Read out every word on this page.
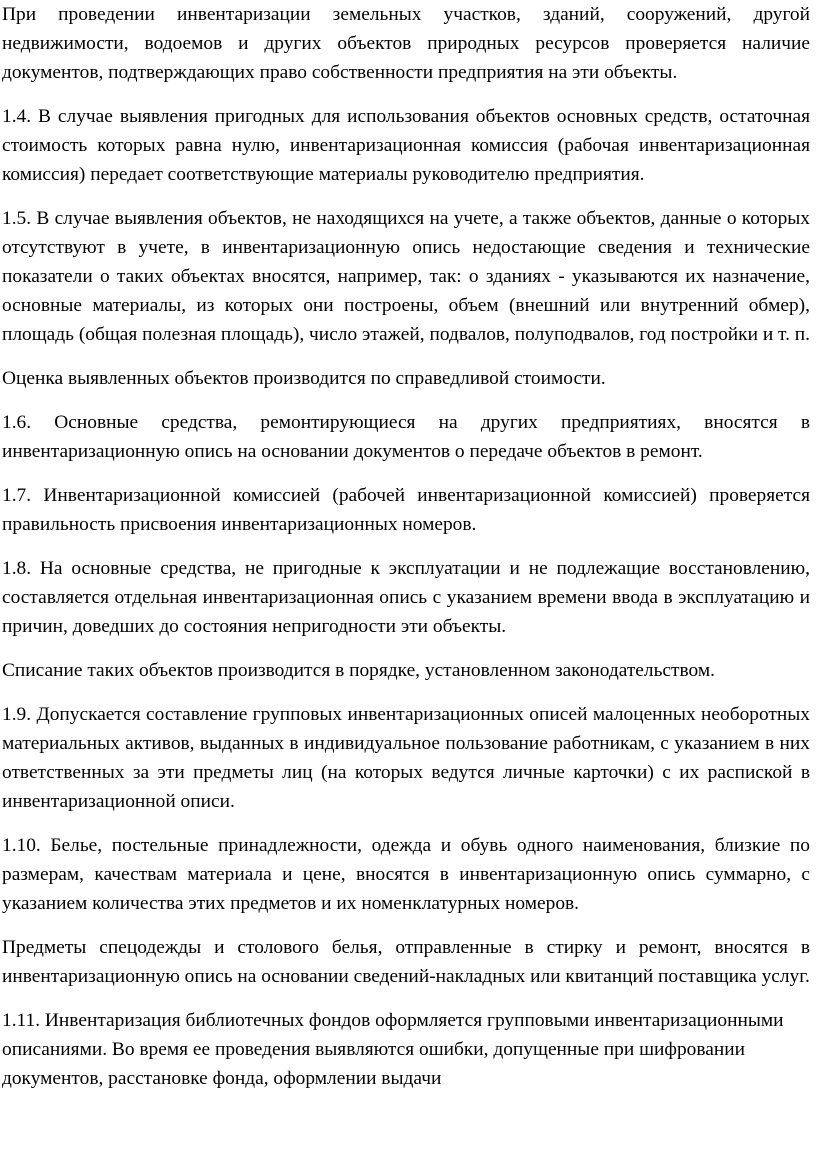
При проведении инвентаризации земельных участков, зданий, сооружений, другой недвижимости, водоемов и других объектов природных ресурсов проверяется наличие документов, подтверждающих право собственности предприятия на эти объекты.

1.4. В случае выявления пригодных для использования объектов основных средств, остаточная стоимость которых равна нулю, инвентаризационная комиссия (рабочая инвентаризационная комиссия) передает соответствующие материалы руководителю предприятия.

1.5. В случае выявления объектов, не находящихся на учете, а также объектов, данные о которых отсутствуют в учете, в инвентаризационную опись недостающие сведения и технические показатели о таких объектах вносятся, например, так: о зданиях - указываются их назначение, основные материалы, из которых они построены, объем (внешний или внутренний обмер), площадь (общая полезная площадь), число этажей, подвалов, полуподвалов, год постройки и т. п.

Оценка выявленных объектов производится по справедливой стоимости.

1.6. Основные средства, ремонтирующиеся на других предприятиях, вносятся в инвентаризационную опись на основании документов о передаче объектов в ремонт.

1.7. Инвентаризационной комиссией (рабочей инвентаризационной комиссией) проверяется правильность присвоения инвентаризационных номеров.

1.8. На основные средства, не пригодные к эксплуатации и не подлежащие восстановлению, составляется отдельная инвентаризационная опись с указанием времени ввода в эксплуатацию и причин, доведших до состояния непригодности эти объекты.

Списание таких объектов производится в порядке, установленном законодательством.

1.9. Допускается составление групповых инвентаризационных описей малоценных необоротных материальных активов, выданных в индивидуальное пользование работникам, с указанием в них ответственных за эти предметы лиц (на которых ведутся личные карточки) с их распиской в инвентаризационной описи.

1.10. Белье, постельные принадлежности, одежда и обувь одного наименования, близкие по размерам, качествам материала и цене, вносятся в инвентаризационную опись суммарно, с указанием количества этих предметов и их номенклатурных номеров.

Предметы спецодежды и столового белья, отправленные в стирку и ремонт, вносятся в инвентаризационную опись на основании сведений-накладных или квитанций поставщика услуг.

1.11. Инвентаризация библиотечных фондов оформляется групповыми инвентаризационными описаниями. Во время ее проведения выявляются ошибки, допущенные при шифровании документов, расстановке фонда, оформлении выдачи
